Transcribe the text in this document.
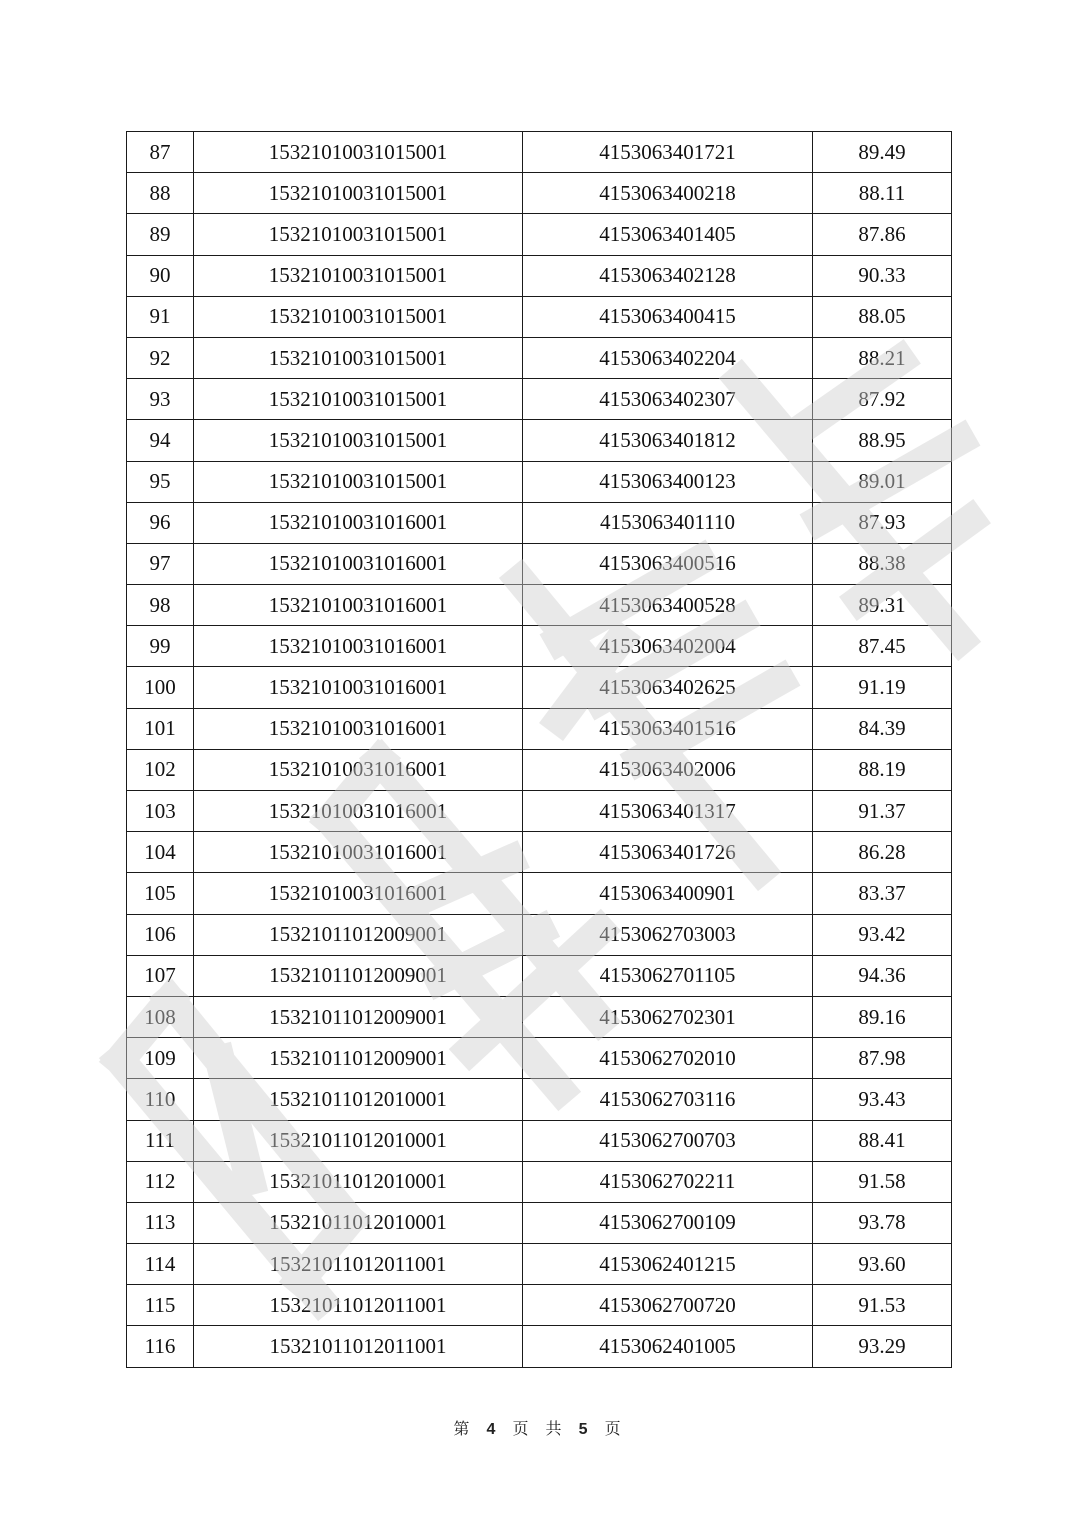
87	15321010031015001	4153063401721	89.49
88	15321010031015001	4153063400218	88.11
89	15321010031015001	4153063401405	87.86
90	15321010031015001	4153063402128	90.33
91	15321010031015001	4153063400415	88.05
92	15321010031015001	4153063402204	88.21
93	15321010031015001	4153063402307	87.92
94	15321010031015001	4153063401812	88.95
95	15321010031015001	4153063400123	89.01
96	15321010031016001	4153063401110	87.93
97	15321010031016001	4153063400516	88.38
98	15321010031016001	4153063400528	89.31
99	15321010031016001	4153063402004	87.45
100	15321010031016001	4153063402625	91.19
101	15321010031016001	4153063401516	84.39
102	15321010031016001	4153063402006	88.19
103	15321010031016001	4153063401317	91.37
104	15321010031016001	4153063401726	86.28
105	15321010031016001	4153063400901	83.37
106	15321011012009001	4153062703003	93.42
107	15321011012009001	4153062701105	94.36
108	15321011012009001	4153062702301	89.16
109	15321011012009001	4153062702010	87.98
110	15321011012010001	4153062703116	93.43
111	15321011012010001	4153062700703	88.41
112	15321011012010001	4153062702211	91.58
113	15321011012010001	4153062700109	93.78
114	15321011012011001	4153062401215	93.60
115	15321011012011001	4153062700720	91.53
116	15321011012011001	4153062401005	93.29
第 4 页 共 5 页
